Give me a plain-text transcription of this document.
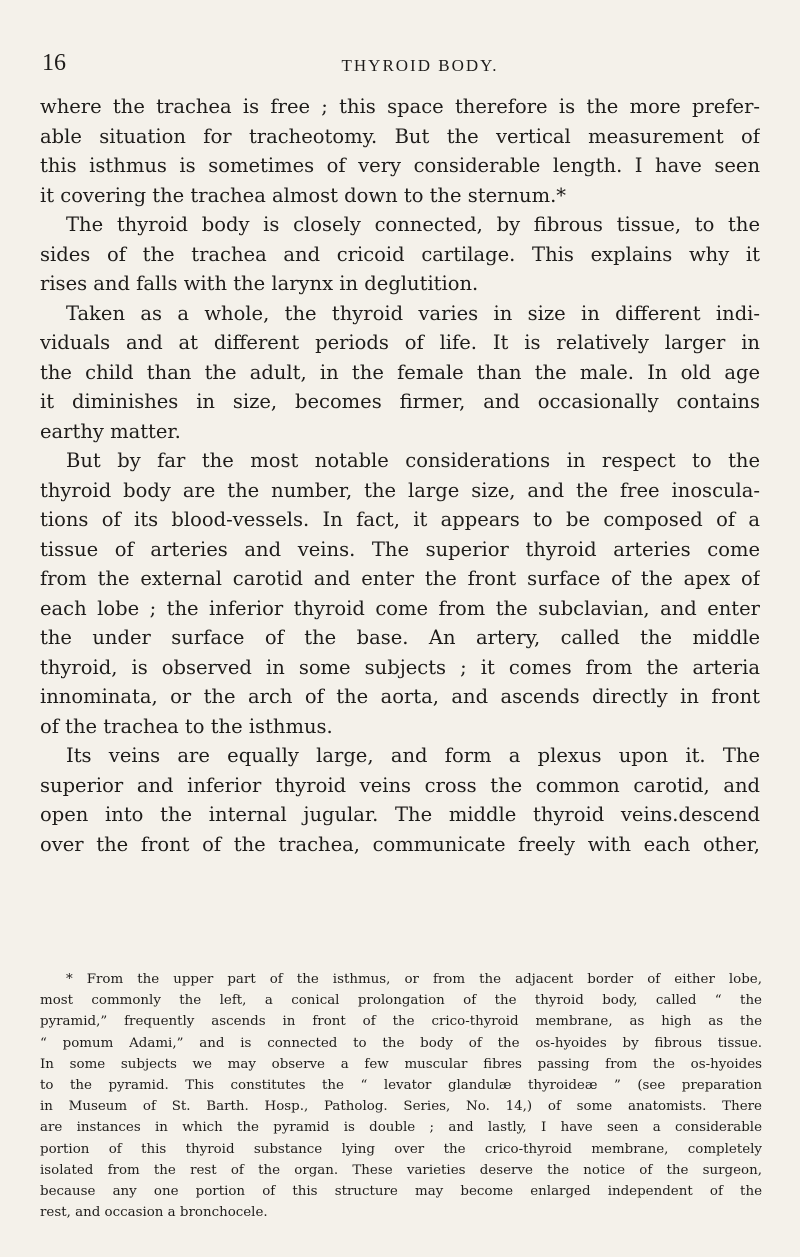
16	THYROID BODY.
where the trachea is free ; this space therefore is the more prefer-
able situation for tracheotomy. But the vertical measurement of
this isthmus is sometimes of very considerable length. I have seen
it covering the trachea almost down to the sternum.*
The thyroid body is closely connected, by fibrous tissue, to the
sides of the trachea and cricoid cartilage. This explains why it
rises and falls with the larynx in deglutition.
Taken as a whole, the thyroid varies in size in different indi-
viduals and at different periods of life. It is relatively larger in
the child than the adult, in the female than the male. In old age
it diminishes in size, becomes firmer, and occasionally contains
earthy matter.
But by far the most notable considerations in respect to the
thyroid body are the number, the large size, and the free inoscula-
tions of its blood-vessels. In fact, it appears to be composed of a
tissue of arteries and veins. The superior thyroid arteries come
from the external carotid and enter the front surface of the apex of
each lobe ; the inferior thyroid come from the subclavian, and enter
the under surface of the base. An artery, called the middle
thyroid, is observed in some subjects ; it comes from the arteria
innominata, or the arch of the aorta, and ascends directly in front
of the trachea to the isthmus.
Its veins are equally large, and form a plexus upon it. The
superior and inferior thyroid veins cross the common carotid, and
open into the internal jugular. The middle thyroid veins.descend
over the front of the trachea, communicate freely with each other,
* From the upper part of the isthmus, or from the adjacent border of either lobe,
most commonly the left, a conical prolongation of the thyroid body, called “ the
pyramid,” frequently ascends in front of the crico-thyroid membrane, as high as the
“ pomum Adami,” and is connected to the body of the os-hyoides by fibrous tissue.
In some subjects we may observe a few muscular fibres passing from the os-hyoides
to the pyramid. This constitutes the “ levator glandulæ thyroideæ ” (see preparation
in Museum of St. Barth. Hosp., Patholog. Series, No. 14,) of some anatomists. There
are instances in which the pyramid is double ; and lastly, I have seen a considerable
portion of this thyroid substance lying over the crico-thyroid membrane, completely
isolated from the rest of the organ. These varieties deserve the notice of the surgeon,
because any one portion of this structure may become enlarged independent of the
rest, and occasion a bronchocele.
